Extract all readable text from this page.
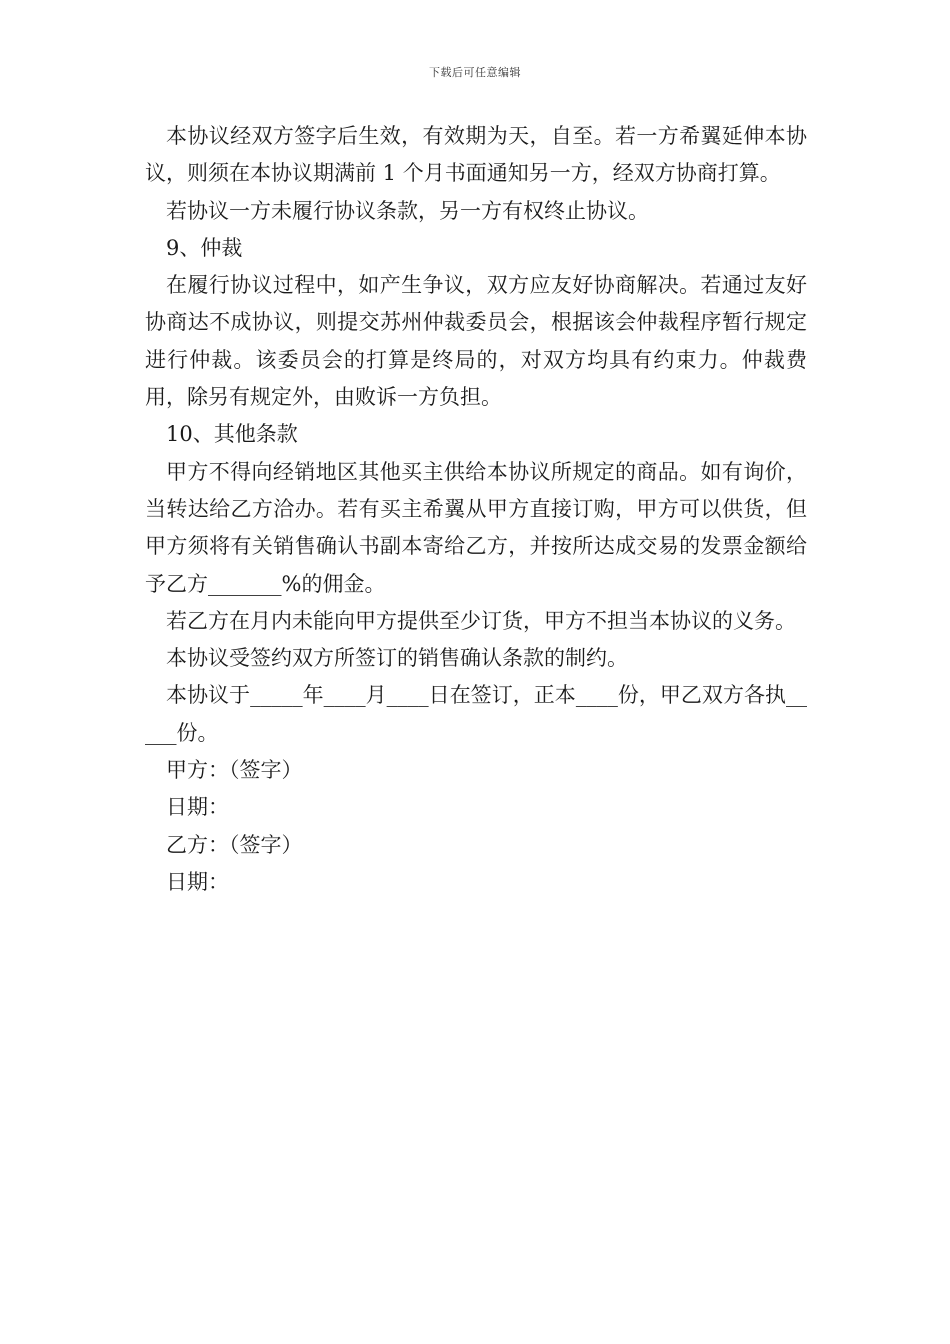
下载后可任意编辑

本协议经双方签字后生效，有效期为天，自至。若一方希翼延伸本协议，则须在本协议期满前 1 个月书面通知另一方，经双方协商打算。

若协议一方未履行协议条款，另一方有权终止协议。

9、仲裁

在履行协议过程中，如产生争议，双方应友好协商解决。若通过友好协商达不成协议，则提交苏州仲裁委员会，根据该会仲裁程序暂行规定进行仲裁。该委员会的打算是终局的，对双方均具有约束力。仲裁费用，除另有规定外，由败诉一方负担。

10、其他条款

甲方不得向经销地区其他买主供给本协议所规定的商品。如有询价，当转达给乙方洽办。若有买主希翼从甲方直接订购，甲方可以供货，但甲方须将有关销售确认书副本寄给乙方，并按所达成交易的发票金额给予乙方_______%的佣金。

若乙方在月内未能向甲方提供至少订货，甲方不担当本协议的义务。

本协议受签约双方所签订的销售确认条款的制约。

本协议于_____年____月____日在签订，正本____份，甲乙双方各执_____份。

甲方：（签字）

日期：

乙方：（签字）

日期：
